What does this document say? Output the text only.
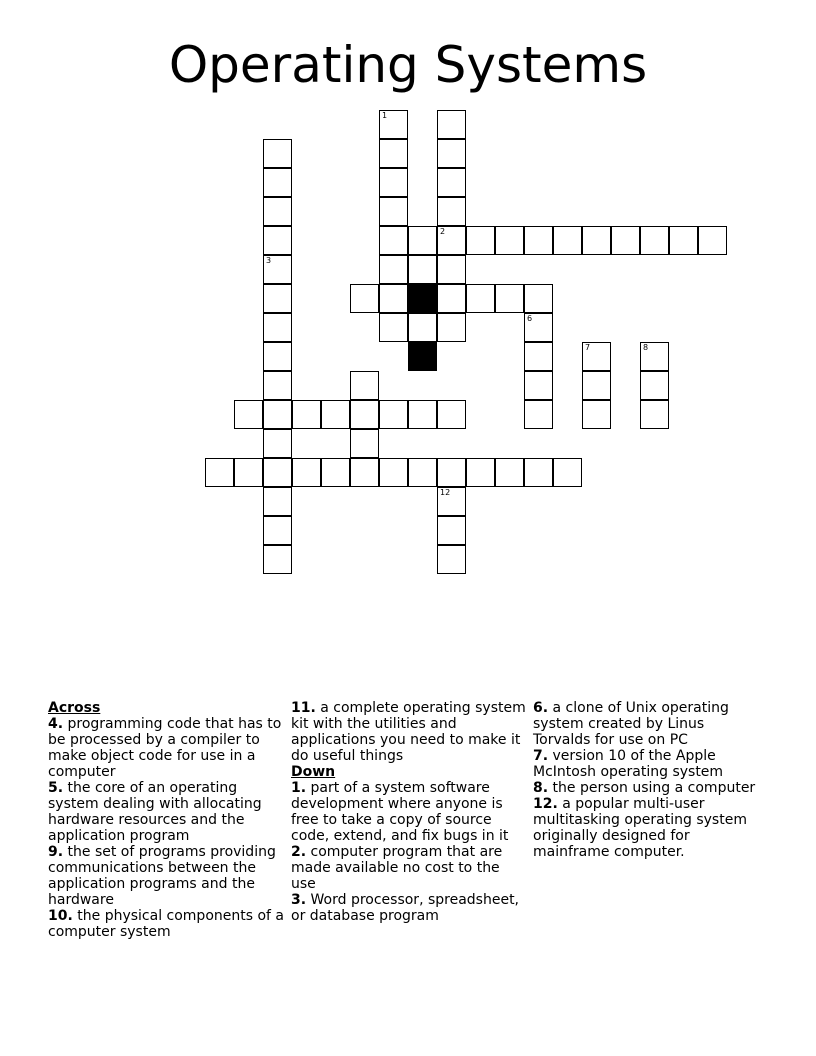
Operating Systems
1
3
2
6
7	8
12
Across
4. programming code that has to be processed by a compiler to make object code for use in a computer
5. the core of an operating system dealing with allocating hardware resources and the application program
9. the set of programs providing communications between the application programs and the hardware
10. the physical components of a computer system
11. a complete operating system kit with the utilities and applications you need to make it do useful things
Down
1. part of a system software development where anyone is free to take a copy of source code, extend, and fix bugs in it
2. computer program that are made available no cost to the use
3. Word processor, spreadsheet, or database program
6. a clone of Unix operating system created by Linus Torvalds for use on PC
7. version 10 of the Apple McIntosh operating system
8. the person using a computer
12. a popular multi-user multitasking operating system originally designed for mainframe computer.
